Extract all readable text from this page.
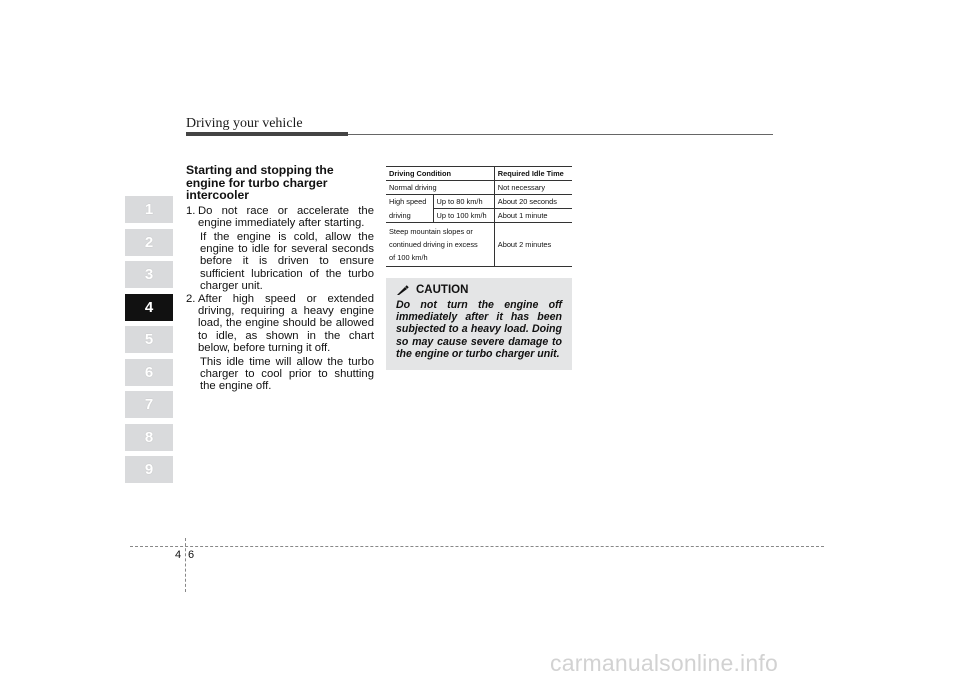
Driving your vehicle
1
2
3
4
5
6
7
8
9
Starting and stopping the engine for turbo charger intercooler
1. Do not race or accelerate the engine immediately after starting.

If the engine is cold, allow the engine to idle for several seconds before it is driven to ensure sufficient lubrication of the turbo charger unit.

2. After high speed or extended driving, requiring a heavy engine load, the engine should be allowed to idle, as shown in the chart below, before turning it off.

This idle time will allow the turbo charger to cool prior to shutting the engine off.

Driving Condition		Required Idle Time
Normal driving		Not necessary
High speed	Up to 80 km/h	About 20 seconds
driving	Up to 100 km/h	About 1 minute

Steep mountain slopes or
continued driving in excess
of 100 km/h		About 2 minutes
CAUTION
Do not turn the engine off immediately after it has been subjected to a heavy load. Doing so may cause severe damage to the engine or turbo charger unit.
4 6
carmanualsonline.info
